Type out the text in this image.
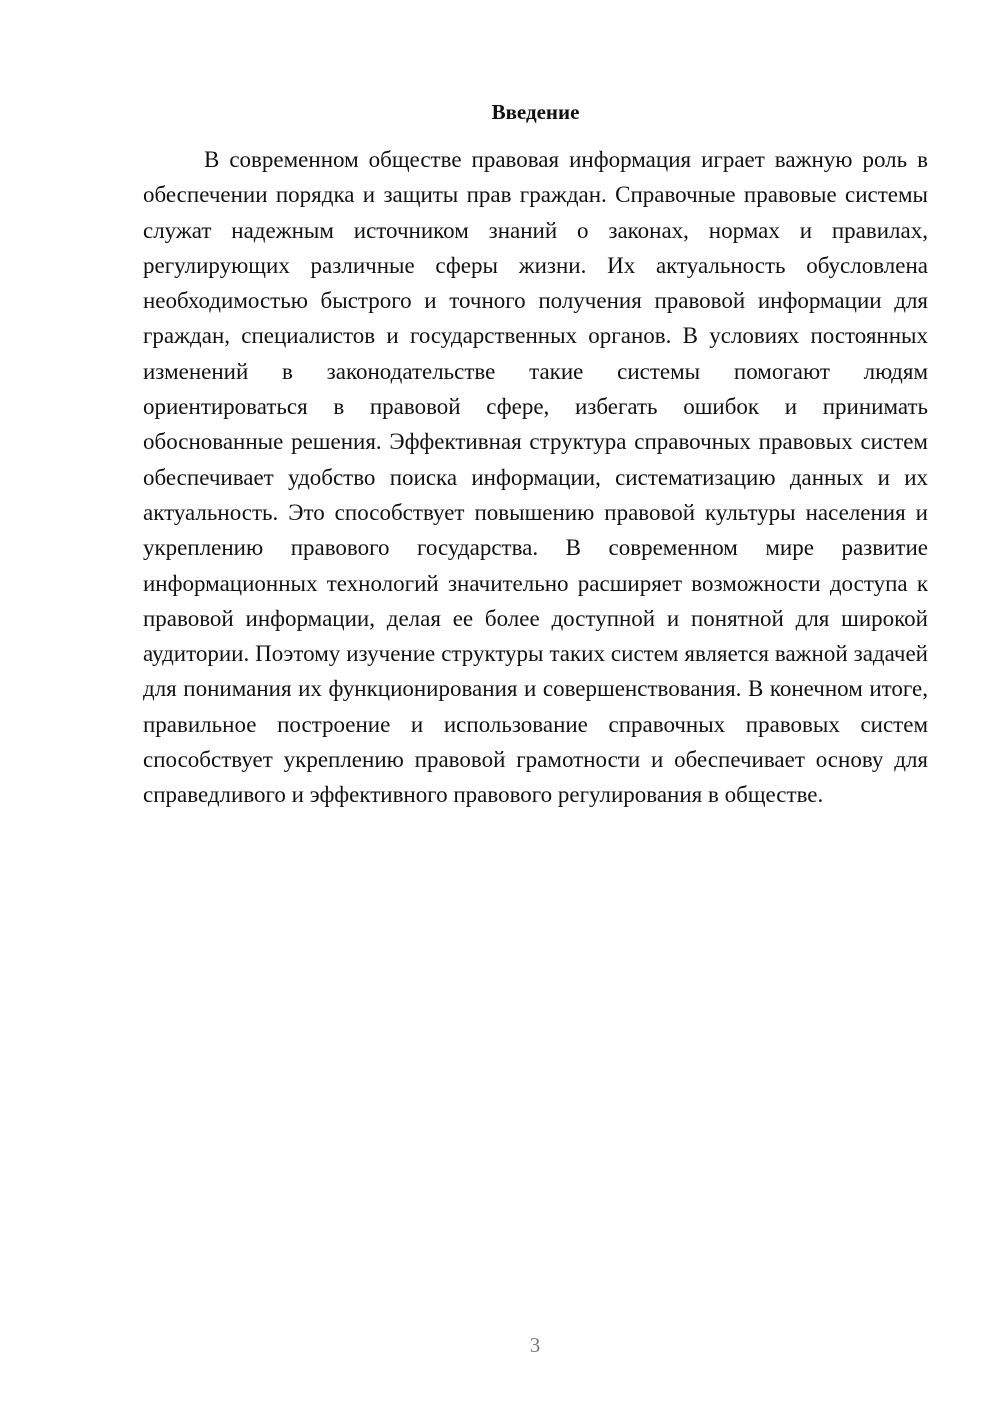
Введение

В современном обществе правовая информация играет важную роль в обеспечении порядка и защиты прав граждан. Справочные правовые системы служат надежным источником знаний о законах, нормах и правилах, регулирующих различные сферы жизни. Их актуальность обусловлена необходимостью быстрого и точного получения правовой информации для граждан, специалистов и государственных органов. В условиях постоянных изменений в законодательстве такие системы помогают людям ориентироваться в правовой сфере, избегать ошибок и принимать обоснованные решения. Эффективная структура справочных правовых систем обеспечивает удобство поиска информации, систематизацию данных и их актуальность. Это способствует повышению правовой культуры населения и укреплению правового государства. В современном мире развитие информационных технологий значительно расширяет возможности доступа к правовой информации, делая ее более доступной и понятной для широкой аудитории. Поэтому изучение структуры таких систем является важной задачей для понимания их функционирования и совершенствования. В конечном итоге, правильное построение и использование справочных правовых систем способствует укреплению правовой грамотности и обеспечивает основу для справедливого и эффективного правового регулирования в обществе.

3
